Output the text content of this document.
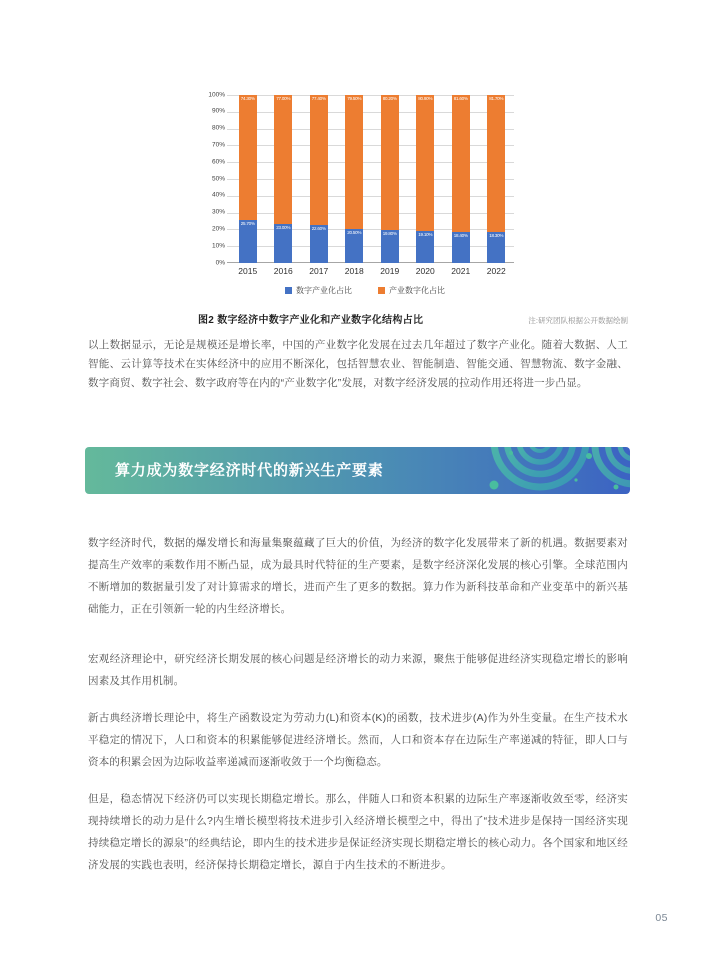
100%
90%
80%
70%
60%
50%
40%
30%
20%
10%
0%
74.30%
25.70%
77.00%
23.00%
77.40%
22.60%
79.50%
20.50%
80.20%
19.80%
80.90%
19.10%
81.60%
18.40%
81.70%
18.30%
2015	2016	2017	2018	2019	2020	2021	2022
数字产业化占比	产业数字化占比
图2 数字经济中数字产业化和产业数字化结构占比	注:研究团队根据公开数据绘制
以上数据显示，无论是规模还是增长率，中国的产业数字化发展在过去几年超过了数字产业化。随着大数据、人工智能、云计算等技术在实体经济中的应用不断深化，包括智慧农业、智能制造、智能交通、智慧物流、数字金融、数字商贸、数字社会、数字政府等在内的“产业数字化”发展，对数字经济发展的拉动作用还将进一步凸显。
算力成为数字经济时代的新兴生产要素
数字经济时代，数据的爆发增长和海量集聚蕴藏了巨大的价值，为经济的数字化发展带来了新的机遇。数据要素对提高生产效率的乘数作用不断凸显，成为最具时代特征的生产要素，是数字经济深化发展的核心引擎。全球范围内不断增加的数据量引发了对计算需求的增长，进而产生了更多的数据。算力作为新科技革命和产业变革中的新兴基础能力，正在引领新一轮的内生经济增长。
宏观经济理论中，研究经济长期发展的核心问题是经济增长的动力来源，聚焦于能够促进经济实现稳定增长的影响因素及其作用机制。
新古典经济增长理论中，将生产函数设定为劳动力(L)和资本(K)的函数，技术进步(A)作为外生变量。在生产技术水平稳定的情况下，人口和资本的积累能够促进经济增长。然而，人口和资本存在边际生产率递减的特征，即人口与资本的积累会因为边际收益率递减而逐渐收敛于一个均衡稳态。
但是，稳态情况下经济仍可以实现长期稳定增长。那么，伴随人口和资本积累的边际生产率逐渐收敛至零，经济实现持续增长的动力是什么?内生增长模型将技术进步引入经济增长模型之中，得出了“技术进步是保持一国经济实现持续稳定增长的源泉”的经典结论，即内生的技术进步是保证经济实现长期稳定增长的核心动力。各个国家和地区经济发展的实践也表明，经济保持长期稳定增长，源自于内生技术的不断进步。
05
